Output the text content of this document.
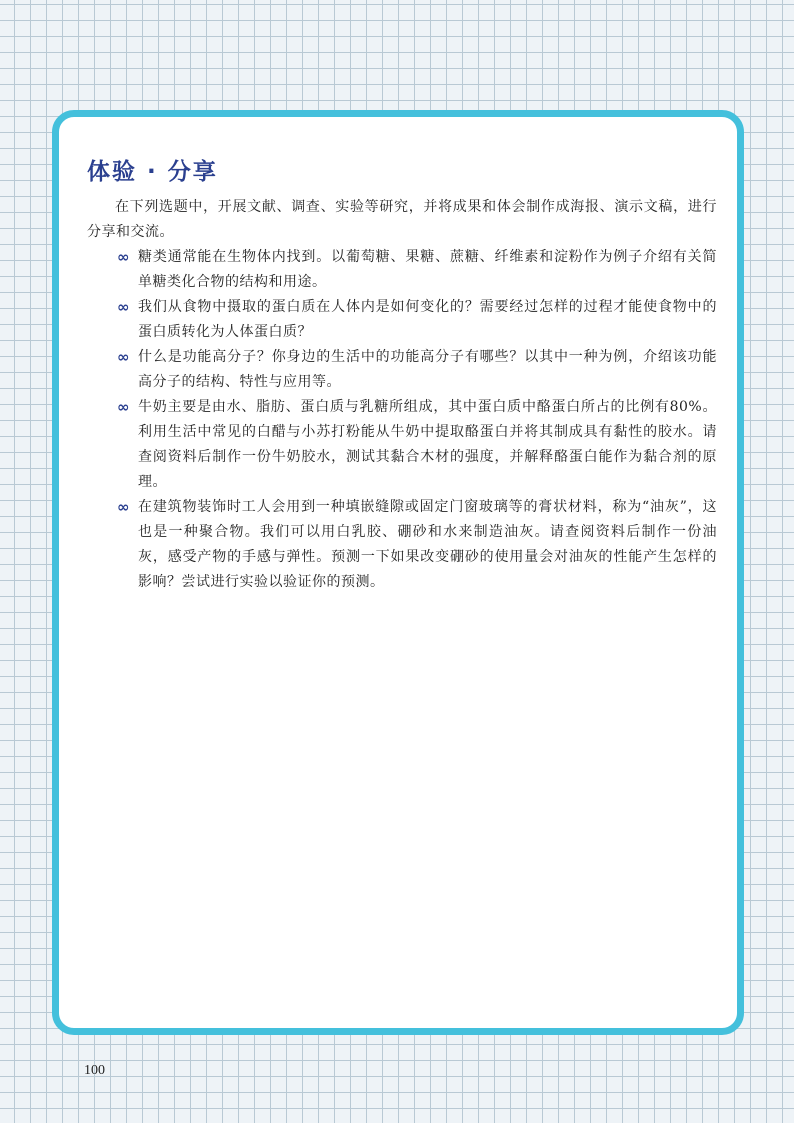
体验 · 分享

在下列选题中，开展文献、调查、实验等研究，并将成果和体会制作成海报、演示文稿，进行分享和交流。

∞ 糖类通常能在生物体内找到。以葡萄糖、果糖、蔗糖、纤维素和淀粉作为例子介绍有关简单糖类化合物的结构和用途。
∞ 我们从食物中摄取的蛋白质在人体内是如何变化的？需要经过怎样的过程才能使食物中的蛋白质转化为人体蛋白质？
∞ 什么是功能高分子？你身边的生活中的功能高分子有哪些？以其中一种为例，介绍该功能高分子的结构、特性与应用等。
∞ 牛奶主要是由水、脂肪、蛋白质与乳糖所组成，其中蛋白质中酪蛋白所占的比例有80%。利用生活中常见的白醋与小苏打粉能从牛奶中提取酪蛋白并将其制成具有黏性的胶水。请查阅资料后制作一份牛奶胶水，测试其黏合木材的强度，并解释酪蛋白能作为黏合剂的原理。
∞ 在建筑物装饰时工人会用到一种填嵌缝隙或固定门窗玻璃等的膏状材料，称为“油灰”，这也是一种聚合物。我们可以用白乳胶、硼砂和水来制造油灰。请查阅资料后制作一份油灰，感受产物的手感与弹性。预测一下如果改变硼砂的使用量会对油灰的性能产生怎样的影响？尝试进行实验以验证你的预测。
100
